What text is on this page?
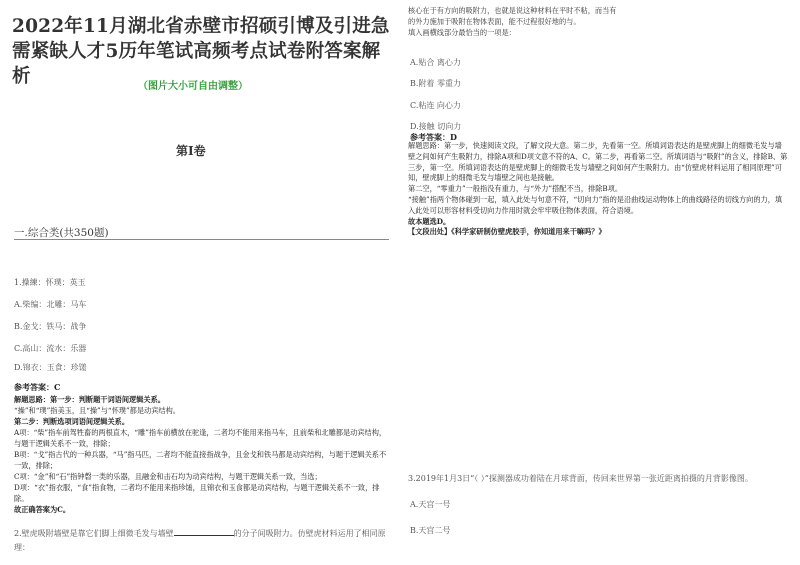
2022年11月湖北省赤壁市招硕引博及引进急需紧缺人才5历年笔试高频考点试卷附答案解析	（图片大小可自由调整）
第I卷
一.综合类(共350题)
1.操練：怀璞：英玉
A.柴编：北雕：马车
B.金戈：铁马：战争
C.高山：流水：乐器
D.锦衣：玉食：珍馐
参考答案：C

解题思路：第一步：判断题干词语间逻辑关系。

“操”和“璞”指美玉，且“操”与“怀璞”都是动宾结构。

第二步：判断选项词语间逻辑关系。

A项：“柴”指车前驾牲畜的两根直木，“雕”指车前横放在驼逢，二者均不能用来指马车，且前柴和北雕都是动宾结构，与题干逻辑关系不一致，排除；

B项：“戈”指古代的一种兵器，“马”指马匹，二者均不能直接指战争，且金戈和铁马都是动宾结构，与题干逻辑关系不一致，排除；

C项：“金”和“石”指钟磬一类的乐器，且融金和击石均为动宾结构，与题干逻辑关系一致，当选；

D项：“衣”指衣服，“食”指食物，二者均不能用来指珍馐，且锦衣和玉食都是动宾结构，与题干逻辑关系不一致，排除。

故正确答案为C。

2.壁虎吸附墙壁是靠它们脚上细微毛发与墙壁	的分子间吸附力。仿壁虎材料运用了相同原理：

核心在于有方向的吸附力，也就是说这种材料在平时不粘，而当有

的外力施加于吸附在物体表面，能不过程很好地的与。

填入画横线部分最恰当的一项是：

A.贴合 离心力
B.附着 零重力
C.粘连 向心力
D.接触 切向力
参考答案：D

解题思路：第一步，快速阅读文段，了解文段大意。第二步，先看第一空。所填词语表达的是壁虎脚上的细微毛发与墙壁之间如何产生吸附力，排除A项和D项文意不符的A、C。第二步，再看第二空。所填词语与“吸附”的含义，排除B、第三步，第一空。所填词语表达的是壁虎脚上的细微毛发与墙壁之间如何产生吸附力。由“仿壁虎材料运用了相同原理”可知，壁虎脚上的细微毛发与墙壁之间也是接触。

第二空，“零重力”一般指没有重力，与“外力”搭配不当，排除B项。

“接触”指两个物体碰到一起，填入此处与句意不符，“切向力”指的是沿曲线运动物体上的曲线路径的切线方向的力，填入此处可以形容材料受切向力作用时就会牢牢吸住物体表面，符合语境。

故本题选D。

【文段出处】《科学家研制仿壁虎胶手，你知道用来干嘛吗？》

3.2019年1月3日“（ ）”探测器成功着陆在月球背面，传回来世界第一张近距离拍摄的月背影像图。
A.天宫一号
B.天宫二号
